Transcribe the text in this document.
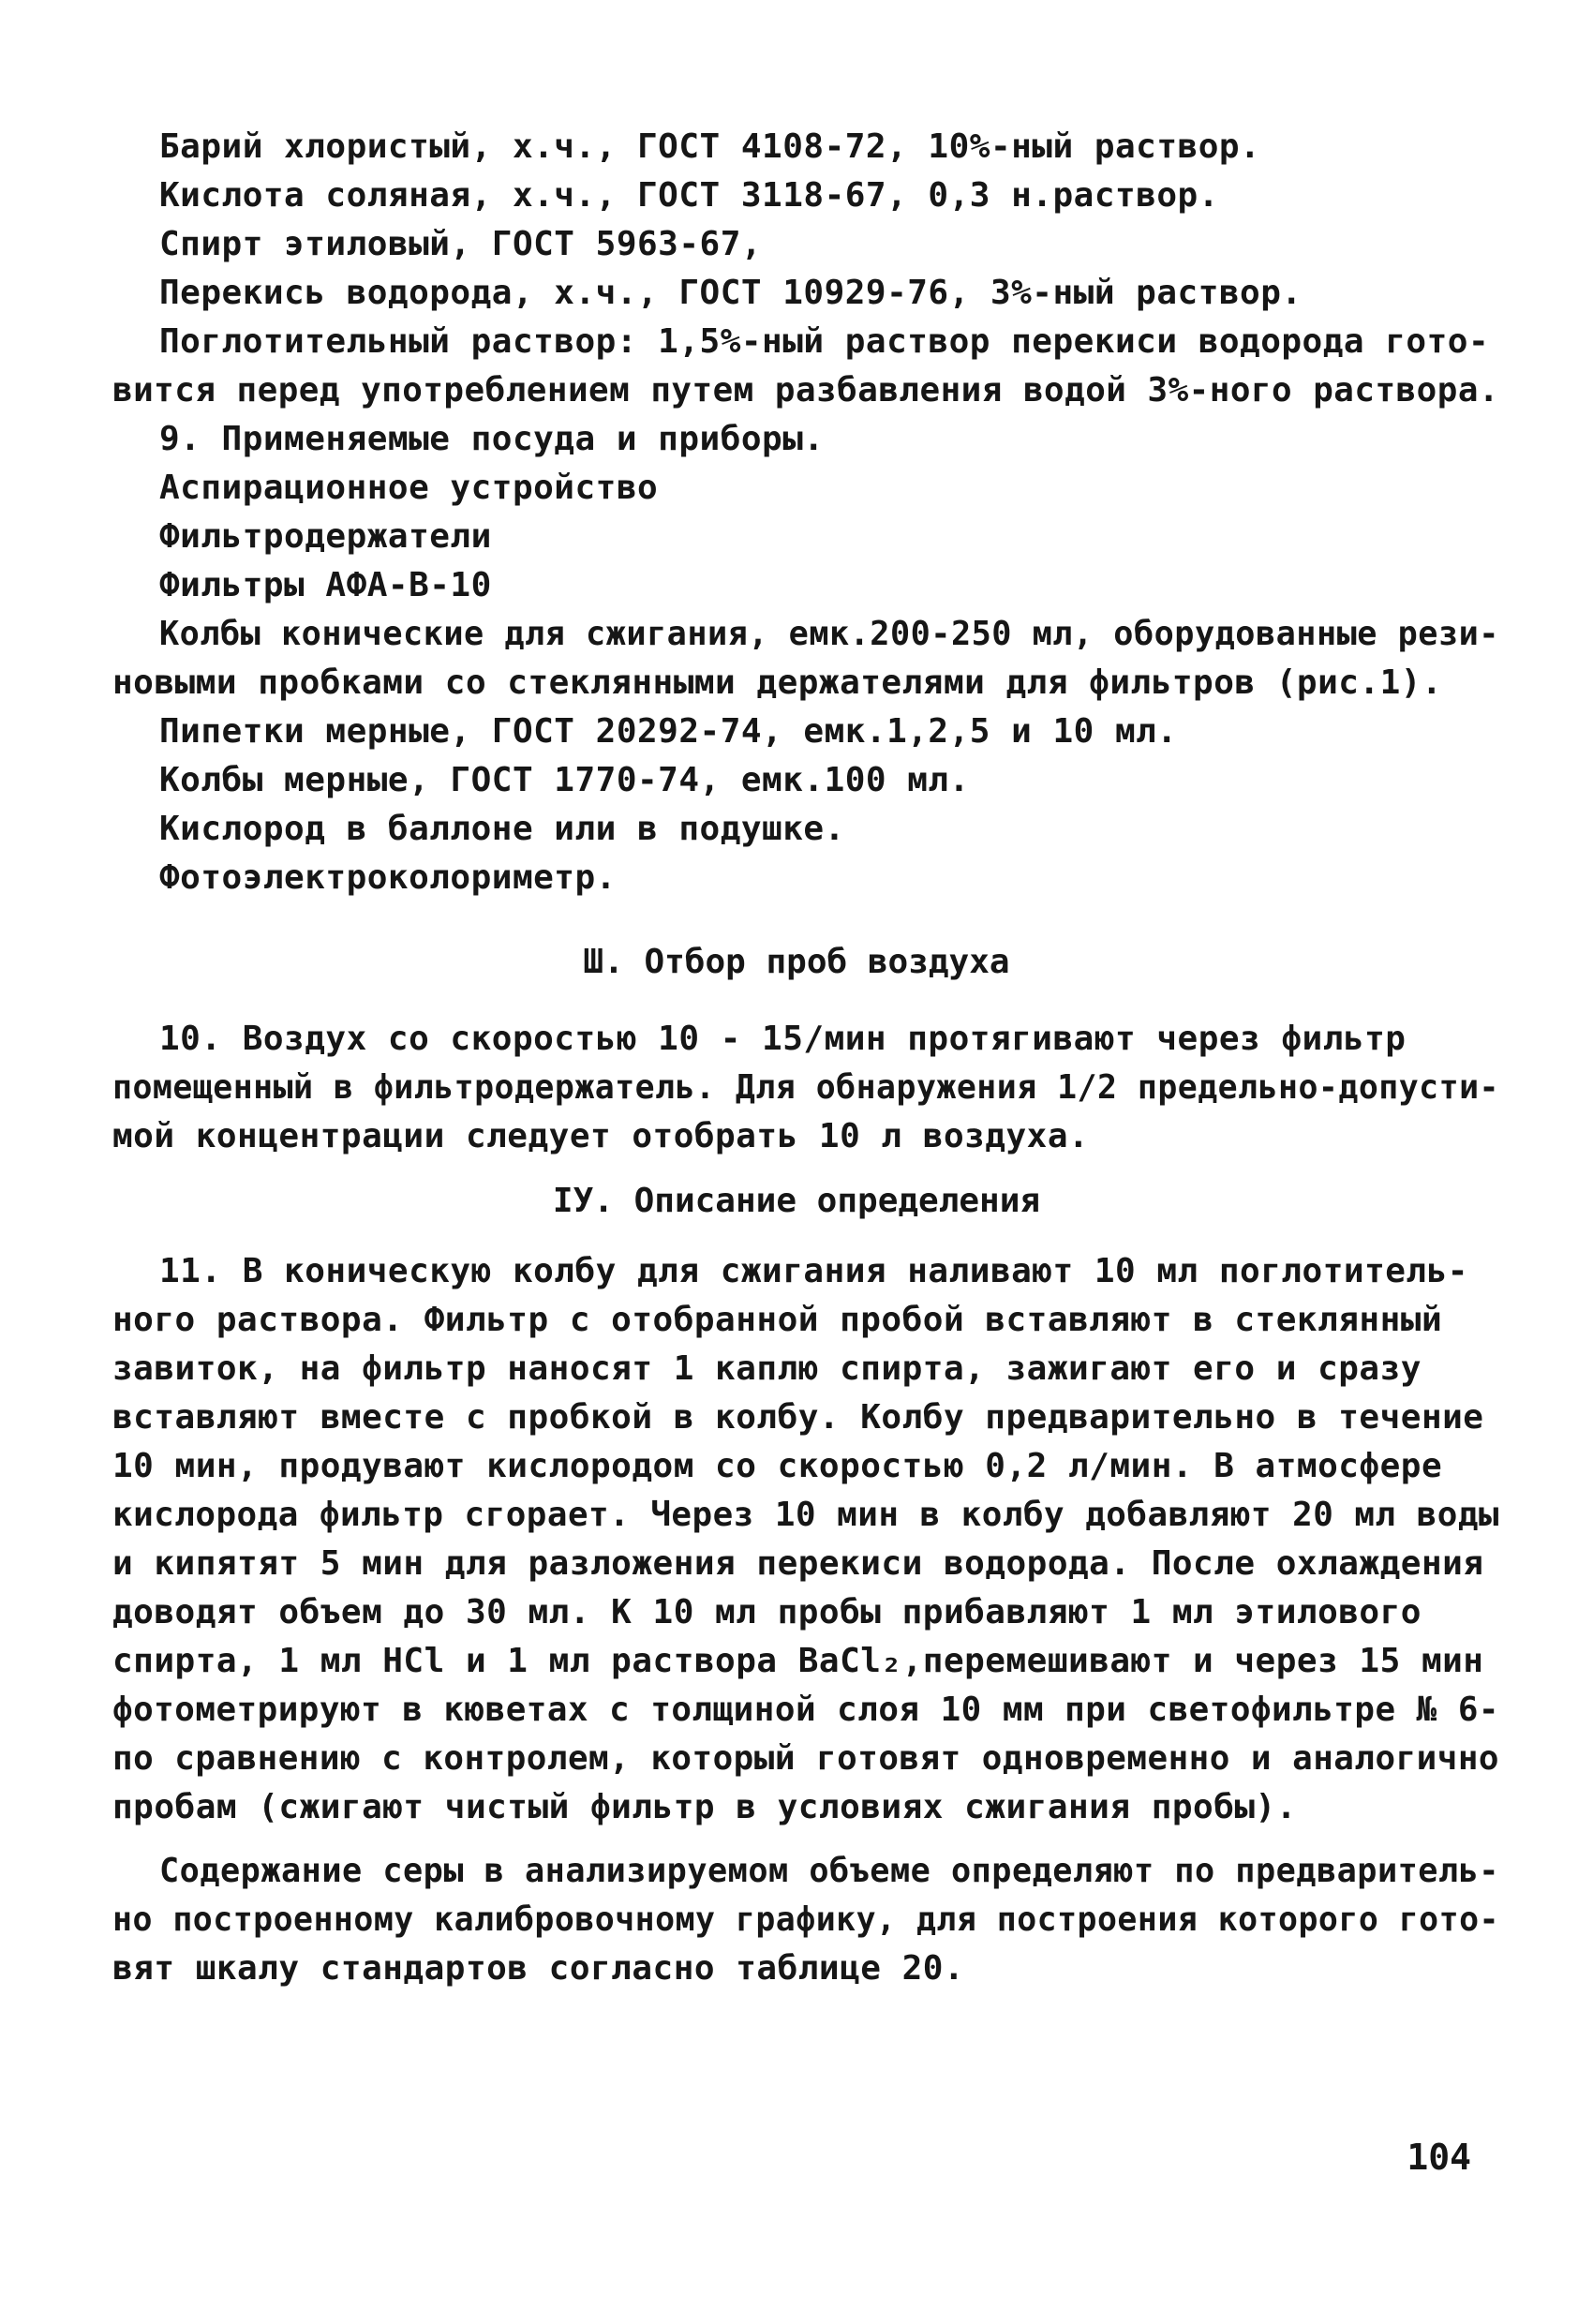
Барий хлористый, х.ч., ГОСТ 4108-72, 10%-ный раствор.
Кислота соляная, х.ч., ГОСТ 3118-67, 0,3 н.раствор.
Спирт этиловый, ГОСТ 5963-67,
Перекись водорода, х.ч., ГОСТ 10929-76, 3%-ный раствор.
Поглотительный раствор: 1,5%-ный раствор перекиси водорода гото-
вится перед употреблением путем разбавления водой 3%-ного раствора.
9. Применяемые посуда и приборы.
Аспирационное устройство
Фильтродержатели
Фильтры АФА-В-10
Колбы конические для сжигания, емк.200-250 мл, оборудованные рези-
новыми пробками со стеклянными держателями для фильтров (рис.1).
Пипетки мерные, ГОСТ 20292-74, емк.1,2,5 и 10 мл.
Колбы мерные, ГОСТ 1770-74, емк.100 мл.
Кислород в баллоне или в подушке.
Фотоэлектроколориметр.
Ш. Отбор проб воздуха
10. Воздух со скоростью 10 - 15/мин протягивают через фильтр
помещенный в фильтродержатель. Для обнаружения 1/2 предельно-допусти-
мой концентрации следует отобрать 10 л воздуха.
IУ. Описание определения
11. В коническую колбу для сжигания наливают 10 мл поглотитель-
ного раствора. Фильтр с отобранной пробой вставляют в стеклянный
завиток, на фильтр наносят 1 каплю спирта, зажигают его и сразу
вставляют вместе с пробкой в колбу. Колбу предварительно в течение
10 мин, продувают кислородом со скоростью 0,2 л/мин. В атмосфере
кислорода фильтр сгорает. Через 10 мин в колбу добавляют 20 мл воды
и кипятят 5 мин для разложения перекиси водорода. После охлаждения
доводят объем до 30 мл. К 10 мл пробы прибавляют 1 мл этилового
спирта, 1 мл HCl и 1 мл раствора BaCl₂,перемешивают и через 15 мин
фотометрируют в кюветах с толщиной слоя 10 мм при светофильтре № 6-
по сравнению с контролем, который готовят одновременно и аналогично
пробам (сжигают чистый фильтр в условиях сжигания пробы).
Содержание серы в анализируемом объеме определяют по предваритель-
но построенному калибровочному графику, для построения которого гото-
вят шкалу стандартов согласно таблице 20.
104
